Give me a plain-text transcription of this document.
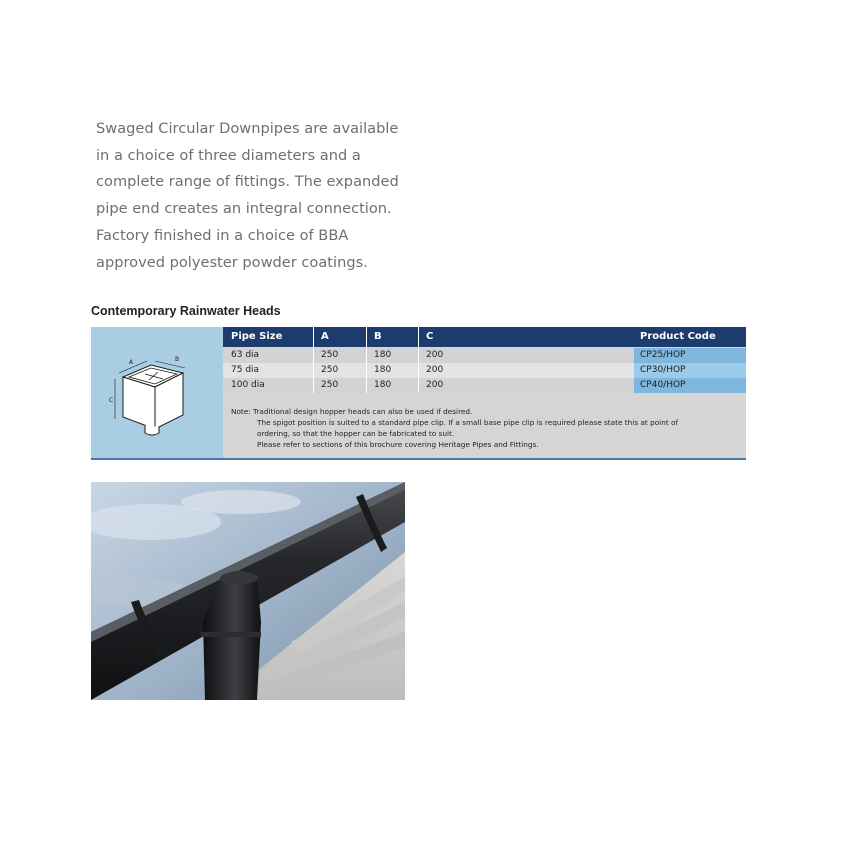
Swaged Circular Downpipes are available

in a choice of three diameters and a

complete range of fittings. The expanded

pipe end creates an integral connection.

Factory finished in a choice of BBA

approved polyester powder coatings.

Contemporary Rainwater Heads
A	B
C
Pipe Size	A	B	C	Product Code
63 dia	250	180	200	CP25/HOP
75 dia	250	180	200	CP30/HOP
100 dia	250	180	200	CP40/HOP
Note: Traditional design hopper heads can also be used if desired.
The spigot position is suited to a standard pipe clip. If a small base pipe clip is required please state this at point of
ordering, so that the hopper can be fabricated to suit.
Please refer to sections of this brochure covering Heritage Pipes and Fittings.
